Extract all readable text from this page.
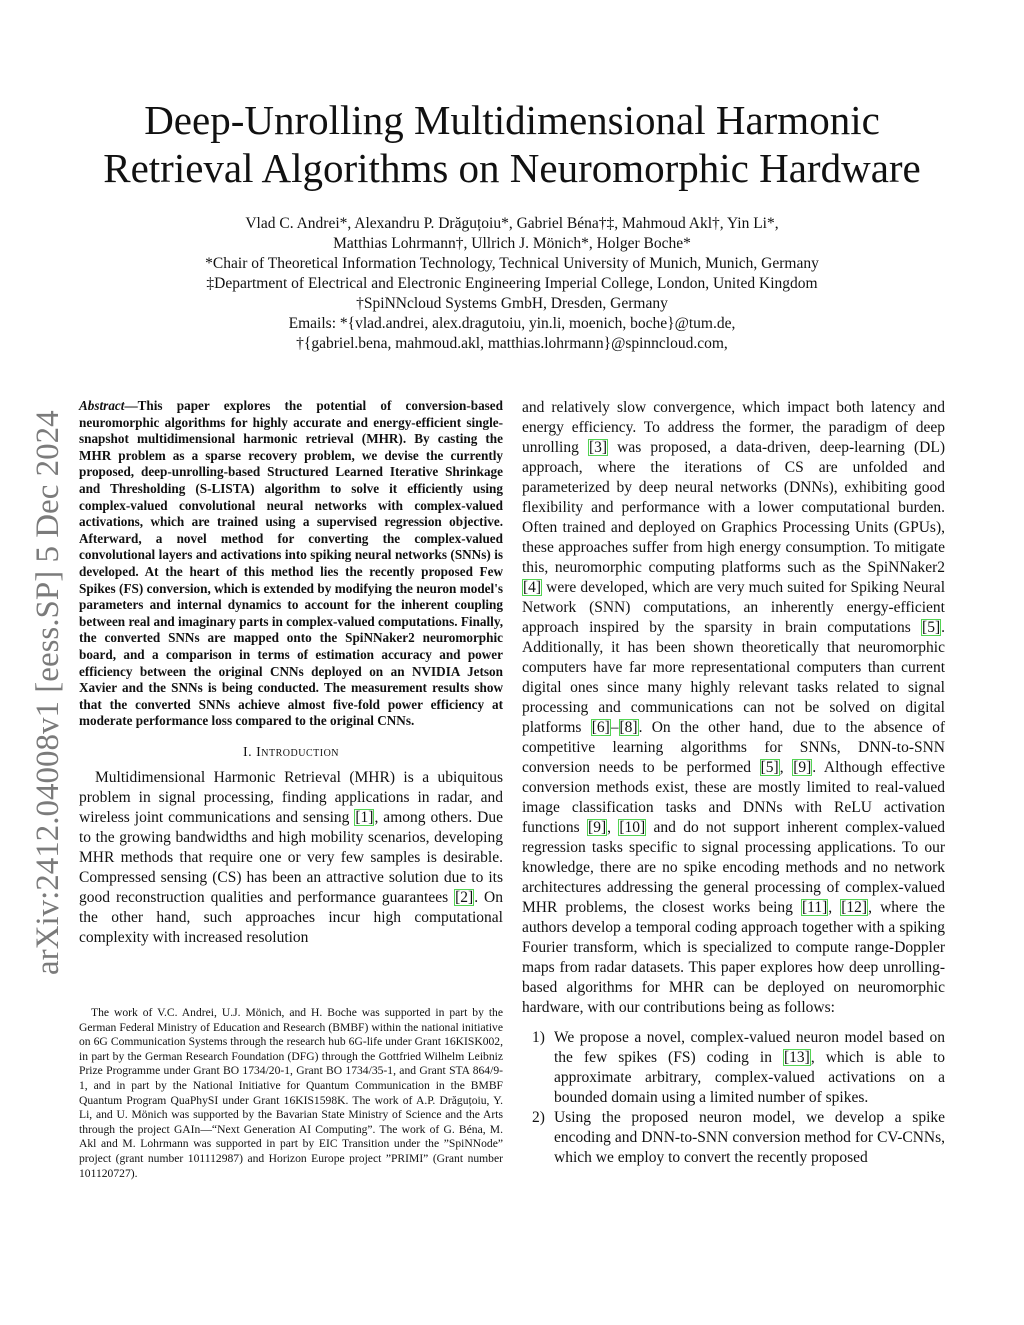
arXiv:2412.04008v1 [eess.SP] 5 Dec 2024
Deep-Unrolling Multidimensional Harmonic
Retrieval Algorithms on Neuromorphic Hardware
Vlad C. Andrei*, Alexandru P. Drăguțoiu*, Gabriel Béna†‡, Mahmoud Akl†, Yin Li*,
Matthias Lohrmann†, Ullrich J. Mönich*, Holger Boche*
*Chair of Theoretical Information Technology, Technical University of Munich, Munich, Germany
‡Department of Electrical and Electronic Engineering Imperial College, London, United Kingdom
†SpiNNcloud Systems GmbH, Dresden, Germany
Emails: *{vlad.andrei, alex.dragutoiu, yin.li, moenich, boche}@tum.de,
†{gabriel.bena, mahmoud.akl, matthias.lohrmann}@spinncloud.com,

Abstract—This paper explores the potential of conversion-based neuromorphic algorithms for highly accurate and energy-efficient single-snapshot multidimensional harmonic retrieval (MHR). By casting the MHR problem as a sparse recovery problem, we devise the currently proposed, deep-unrolling-based Structured Learned Iterative Shrinkage and Thresholding (S-LISTA) algorithm to solve it efficiently using complex-valued convolutional neural networks with complex-valued activations, which are trained using a supervised regression objective. Afterward, a novel method for converting the complex-valued convolutional layers and activations into spiking neural networks (SNNs) is developed. At the heart of this method lies the recently proposed Few Spikes (FS) conversion, which is extended by modifying the neuron model's parameters and internal dynamics to account for the inherent coupling between real and imaginary parts in complex-valued computations. Finally, the converted SNNs are mapped onto the SpiNNaker2 neuromorphic board, and a comparison in terms of estimation accuracy and power efficiency between the original CNNs deployed on an NVIDIA Jetson Xavier and the SNNs is being conducted. The measurement results show that the converted SNNs achieve almost five-fold power efficiency at moderate performance loss compared to the original CNNs.

I. Introduction

Multidimensional Harmonic Retrieval (MHR) is a ubiquitous problem in signal processing, finding applications in radar, and wireless joint communications and sensing [1], among others. Due to the growing bandwidths and high mobility scenarios, developing MHR methods that require one or very few samples is desirable. Compressed sensing (CS) has been an attractive solution due to its good reconstruction qualities and performance guarantees [2]. On the other hand, such approaches incur high computational complexity with increased resolution

The work of V.C. Andrei, U.J. Mönich, and H. Boche was supported in part by the German Federal Ministry of Education and Research (BMBF) within the national initiative on 6G Communication Systems through the research hub 6G-life under Grant 16KISK002, in part by the German Research Foundation (DFG) through the Gottfried Wilhelm Leibniz Prize Programme under Grant BO 1734/20-1, Grant BO 1734/35-1, and Grant STA 864/9-1, and in part by the National Initiative for Quantum Communication in the BMBF Quantum Program QuaPhySI under Grant 16KIS1598K. The work of A.P. Drăguțoiu, Y. Li, and U. Mönich was supported by the Bavarian State Ministry of Science and the Arts through the project GAIn—“Next Generation AI Computing”. The work of G. Béna, M. Akl and M. Lohrmann was supported in part by EIC Transition under the ”SpiNNode” project (grant number 101112987) and Horizon Europe project ”PRIMI” (Grant number 101120727).

and relatively slow convergence, which impact both latency and energy efficiency. To address the former, the paradigm of deep unrolling [3] was proposed, a data-driven, deep-learning (DL) approach, where the iterations of CS are unfolded and parameterized by deep neural networks (DNNs), exhibiting good flexibility and performance with a lower computational burden. Often trained and deployed on Graphics Processing Units (GPUs), these approaches suffer from high energy consumption. To mitigate this, neuromorphic computing platforms such as the SpiNNaker2 [4] were developed, which are very much suited for Spiking Neural Network (SNN) computations, an inherently energy-efficient approach inspired by the sparsity in brain computations [5]. Additionally, it has been shown theoretically that neuromorphic computers have far more representational computers than current digital ones since many highly relevant tasks related to signal processing and communications can not be solved on digital platforms [6]–[8]. On the other hand, due to the absence of competitive learning algorithms for SNNs, DNN-to-SNN conversion needs to be performed [5], [9]. Although effective conversion methods exist, these are mostly limited to real-valued image classification tasks and DNNs with ReLU activation functions [9], [10] and do not support inherent complex-valued regression tasks specific to signal processing applications. To our knowledge, there are no spike encoding methods and no network architectures addressing the general processing of complex-valued MHR problems, the closest works being [11], [12], where the authors develop a temporal coding approach together with a spiking Fourier transform, which is specialized to compute range-Doppler maps from radar datasets. This paper explores how deep unrolling-based algorithms for MHR can be deployed on neuromorphic hardware, with our contributions being as follows:

1) We propose a novel, complex-valued neuron model based on the few spikes (FS) coding in [13], which is able to approximate arbitrary, complex-valued activations on a bounded domain using a limited number of spikes.
2) Using the proposed neuron model, we develop a spike encoding and DNN-to-SNN conversion method for CV-CNNs, which we employ to convert the recently proposed
